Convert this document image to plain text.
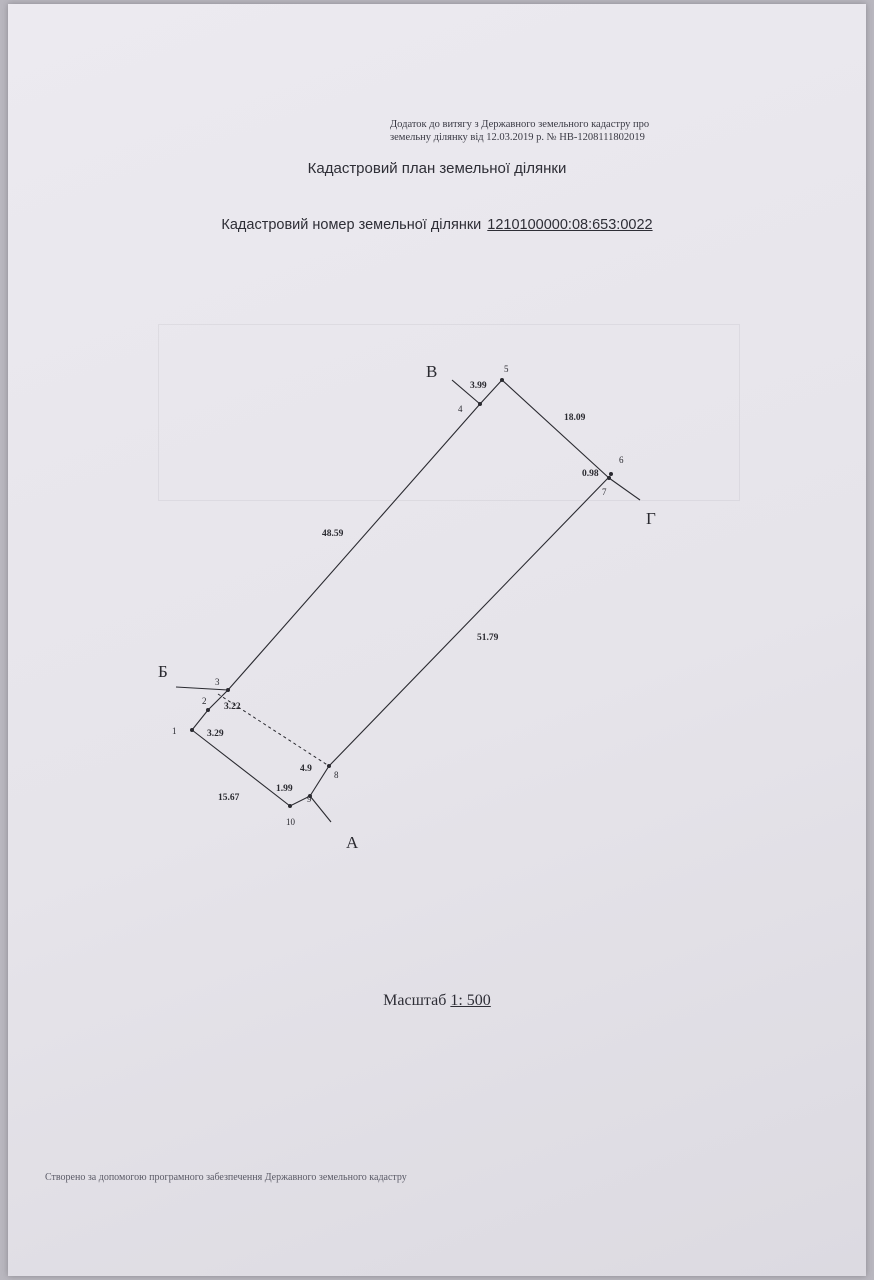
Додаток до витягу з Державного земельного кадастру про
земельну ділянку від 12.03.2019 р. № НВ-1208111802019
Кадастровий план земельної ділянки
Кадастровий номер земельної ділянки 1210100000:08:653:0022
1
2
3
4
5
6
7
8
9
10
48.59
3.99
18.09
0.98
51.79
4.9
1.99
15.67
3.29
3.22
Б
В
Г
А
Масштаб 1: 500
Створено за допомогою програмного забезпечення Державного земельного кадастру
